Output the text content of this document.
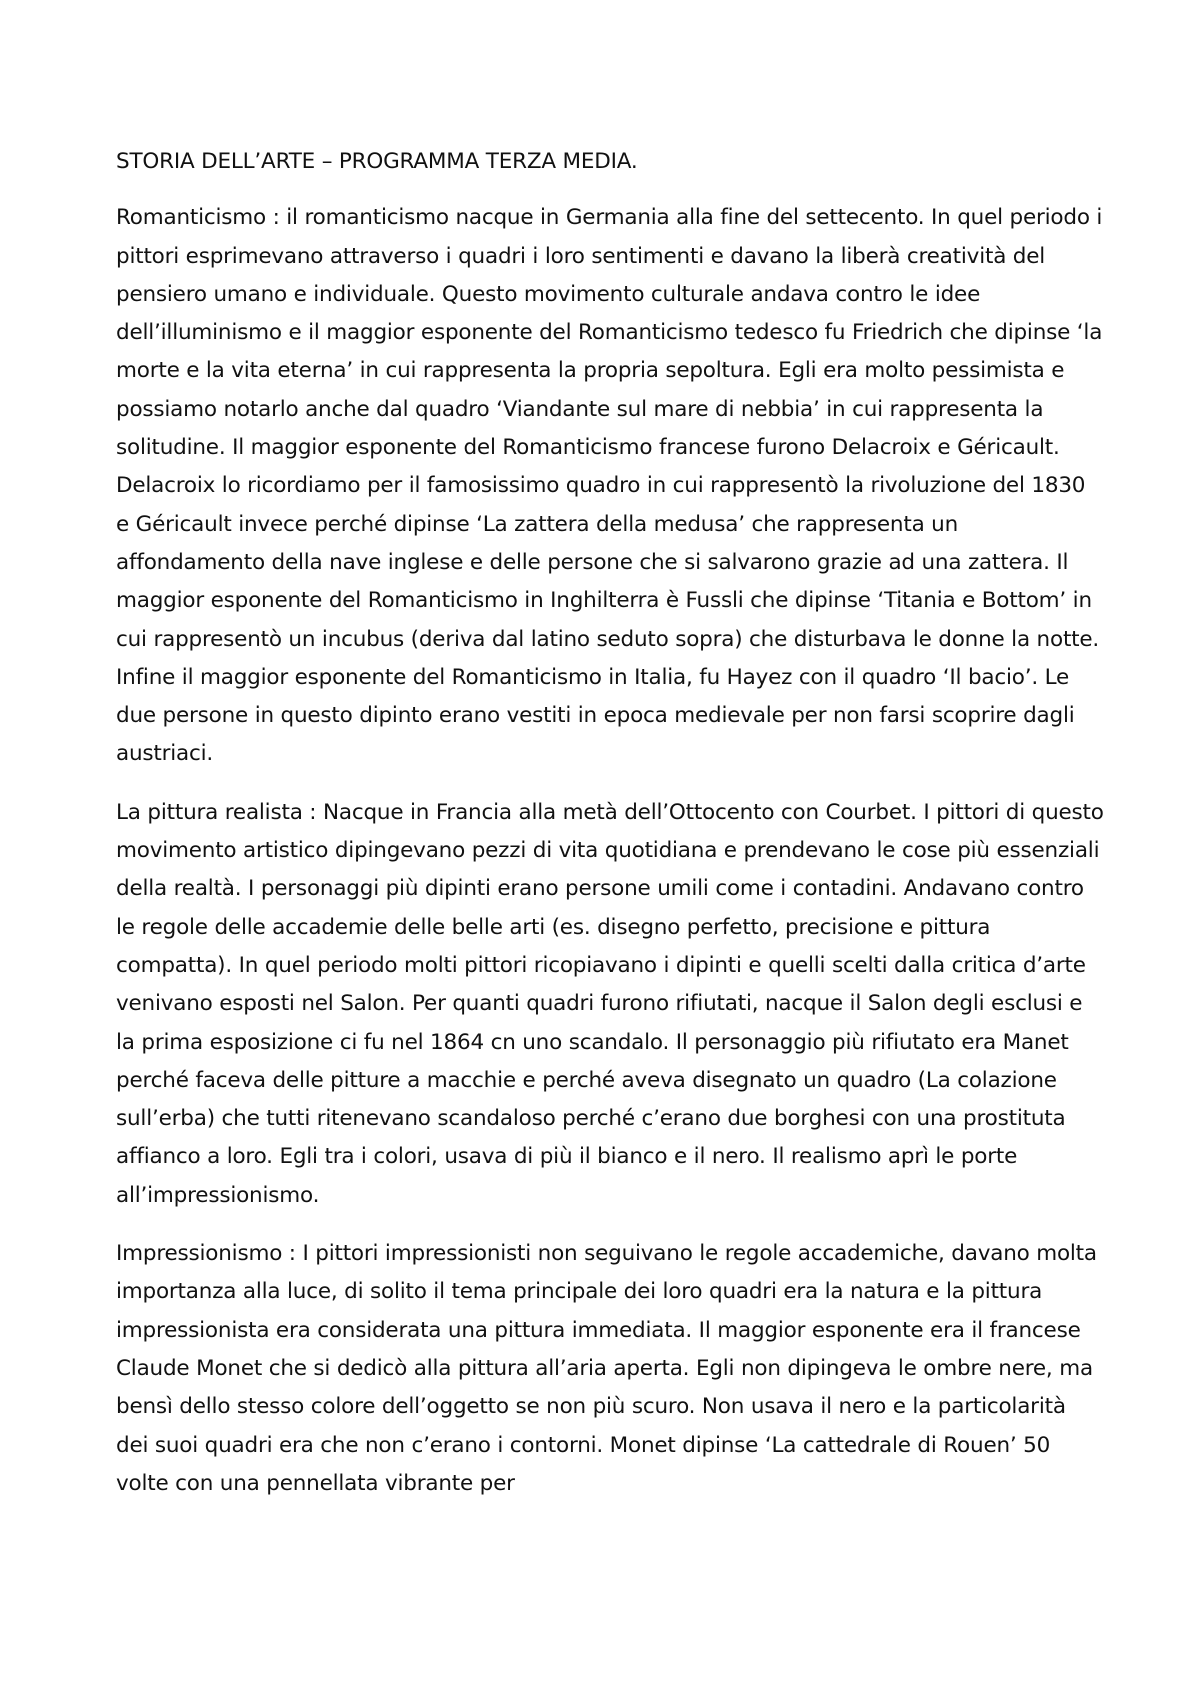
STORIA DELL’ARTE – PROGRAMMA TERZA MEDIA.

Romanticismo : il romanticismo nacque in Germania alla fine del settecento. In quel periodo i pittori esprimevano attraverso i quadri i loro sentimenti e davano la liberà creatività del pensiero umano e individuale. Questo movimento culturale andava contro le idee dell’illuminismo e il maggior esponente del Romanticismo tedesco fu Friedrich che dipinse ‘la morte e la vita eterna’ in cui rappresenta la propria sepoltura. Egli era molto pessimista e possiamo notarlo anche dal quadro ‘Viandante sul mare di nebbia’ in cui rappresenta la solitudine. Il maggior esponente del Romanticismo francese furono Delacroix e Géricault. Delacroix lo ricordiamo per il famosissimo quadro in cui rappresentò la rivoluzione del 1830 e Géricault invece perché dipinse ‘La zattera della medusa’ che rappresenta un affondamento della nave inglese e delle persone che si salvarono grazie ad una zattera. Il maggior esponente del Romanticismo in Inghilterra è Fussli che dipinse ‘Titania e Bottom’ in cui rappresentò un incubus (deriva dal latino seduto sopra) che disturbava le donne la notte. Infine il maggior esponente del Romanticismo in Italia, fu Hayez con il quadro ‘Il bacio’. Le due persone in questo dipinto erano vestiti in epoca medievale per non farsi scoprire dagli austriaci.

La pittura realista : Nacque in Francia alla metà dell’Ottocento con Courbet. I pittori di questo movimento artistico dipingevano pezzi di vita quotidiana e prendevano le cose più essenziali della realtà. I personaggi più dipinti erano persone umili come i contadini. Andavano contro le regole delle accademie delle belle arti (es. disegno perfetto, precisione e pittura compatta). In quel periodo molti pittori ricopiavano i dipinti e quelli scelti dalla critica d’arte venivano esposti nel Salon. Per quanti quadri furono rifiutati, nacque il Salon degli esclusi e la prima esposizione ci fu nel 1864 cn uno scandalo. Il personaggio più rifiutato era Manet perché faceva delle pitture a macchie e perché aveva disegnato un quadro (La colazione sull’erba) che tutti ritenevano scandaloso perché c’erano due borghesi con una prostituta affianco a loro. Egli tra i colori, usava di più il bianco e il nero. Il realismo aprì le porte all’impressionismo.

Impressionismo : I pittori impressionisti non seguivano le regole accademiche, davano molta importanza alla luce, di solito il tema principale dei loro quadri era la natura e la pittura impressionista era considerata una pittura immediata. Il maggior esponente era il francese Claude Monet che si dedicò alla pittura all’aria aperta. Egli non dipingeva le ombre nere, ma bensì dello stesso colore dell’oggetto se non più scuro. Non usava il nero e la particolarità dei suoi quadri era che non c’erano i contorni. Monet dipinse ‘La cattedrale di Rouen’ 50 volte con una pennellata vibrante per
